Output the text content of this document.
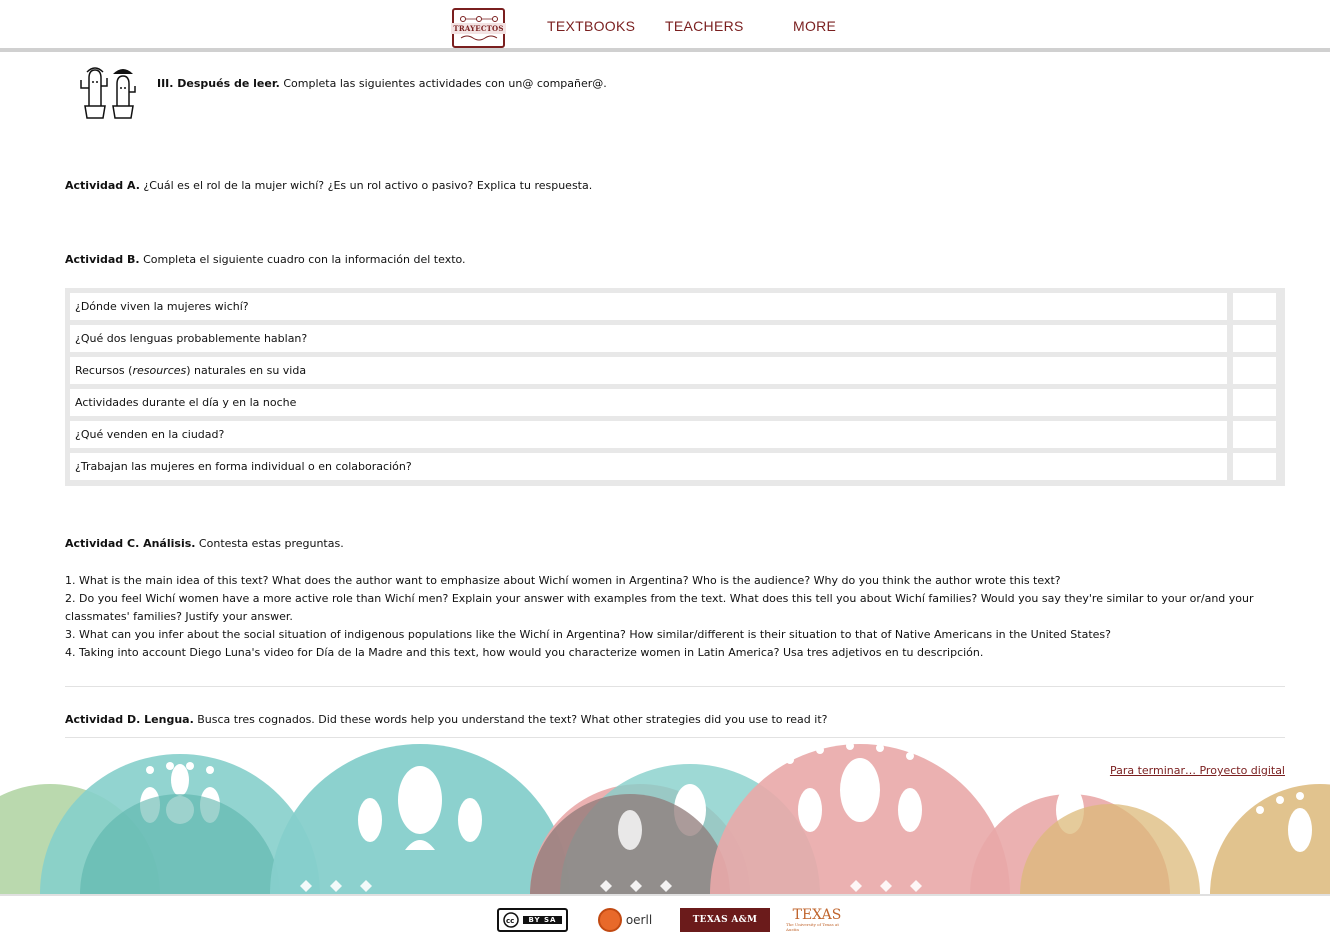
TRAYECTOS	TEXTBOOKS TEACHERS	MORE
III. Después de leer. Completa las siguientes actividades con un@ compañer@.
Actividad A. ¿Cuál es el rol de la mujer wichí? ¿Es un rol activo o pasivo? Explica tu respuesta.
Actividad B. Completa el siguiente cuadro con la información del texto.
¿Dónde viven la mujeres wichí?
¿Qué dos lenguas probablemente hablan?
Recursos (resources) naturales en su vida
Actividades durante el día y en la noche
¿Qué venden en la ciudad?
¿Trabajan las mujeres en forma individual o en colaboración?
Actividad C. Análisis. Contesta estas preguntas.
1. What is the main idea of this text? What does the author want to emphasize about Wichí women in Argentina? Who is the audience? Why do you think the author wrote this text?
2. Do you feel Wichí women have a more active role than Wichí men? Explain your answer with examples from the text. What does this tell you about Wichí families? Would you say they're similar to your or/and your classmates' families? Justify your answer.
3. What can you infer about the social situation of indigenous populations like the Wichí in Argentina? How similar/different is their situation to that of Native Americans in the United States?
4. Taking into account Diego Luna's video for Día de la Madre and this text, how would you characterize women in Latin America? Usa tres adjetivos en tu descripción.
Actividad D. Lengua. Busca tres cognados. Did these words help you understand the text? What other strategies did you use to read it?
Para terminar… Proyecto digital
cc	BY SA	oerll	TEXAS A&M	TEXAS
The University of Texas at Austin
